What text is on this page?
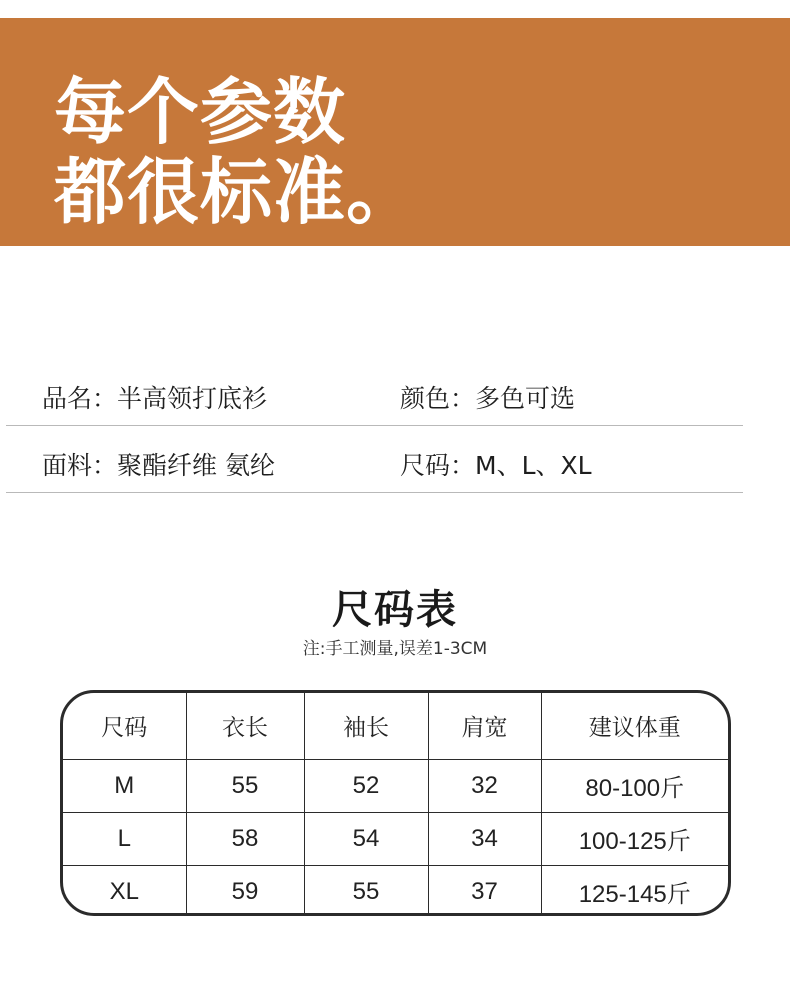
每个参数
都很标准。
品名：半高领打底衫	颜色：多色可选
面料：聚酯纤维 氨纶	尺码：M、L、XL
尺码表
注:手工测量,误差1-3CM
尺码	衣长	袖长	肩宽	建议体重
M	55	52	32	80-100斤
L	58	54	34	100-125斤
XL	59	55	37	125-145斤
